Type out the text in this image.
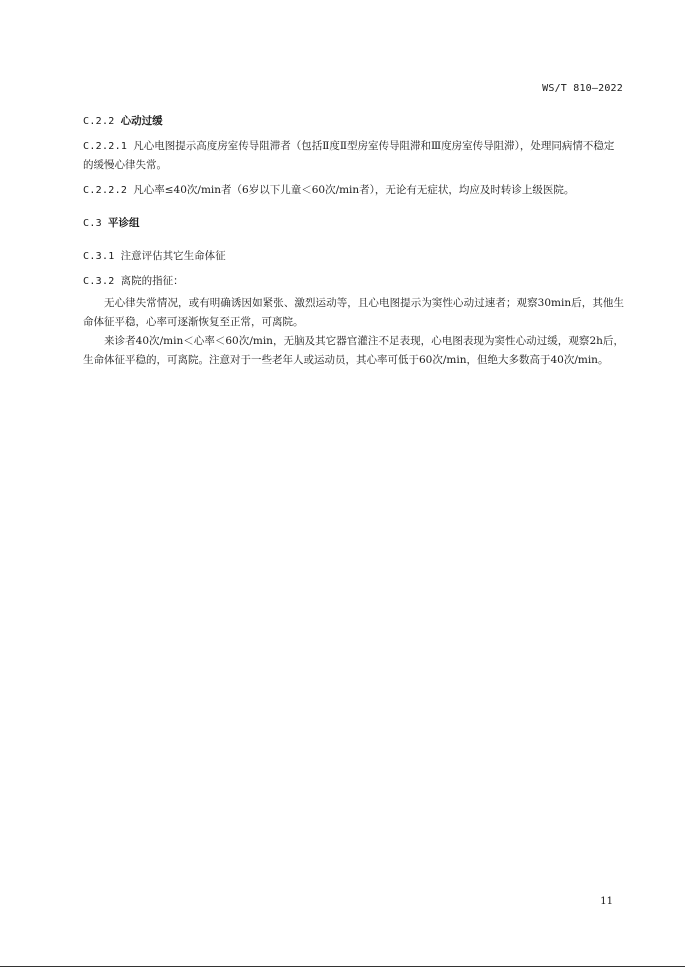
WS/T 810—2022
C.2.2 心动过缓
C.2.2.1 凡心电图提示高度房室传导阻滞者（包括Ⅱ度Ⅱ型房室传导阻滞和Ⅲ度房室传导阻滞），处理同病情不稳定的缓慢心律失常。
C.2.2.2 凡心率≤40次/min者（6岁以下儿童＜60次/min者），无论有无症状，均应及时转诊上级医院。
C.3 平诊组
C.3.1 注意评估其它生命体征
C.3.2 离院的指征：

无心律失常情况，或有明确诱因如紧张、激烈运动等，且心电图提示为窦性心动过速者；观察30min后，其他生命体征平稳，心率可逐渐恢复至正常，可离院。

来诊者40次/min＜心率＜60次/min，无脑及其它器官灌注不足表现，心电图表现为窦性心动过缓，观察2h后，生命体征平稳的，可离院。注意对于一些老年人或运动员，其心率可低于60次/min，但绝大多数高于40次/min。

11
